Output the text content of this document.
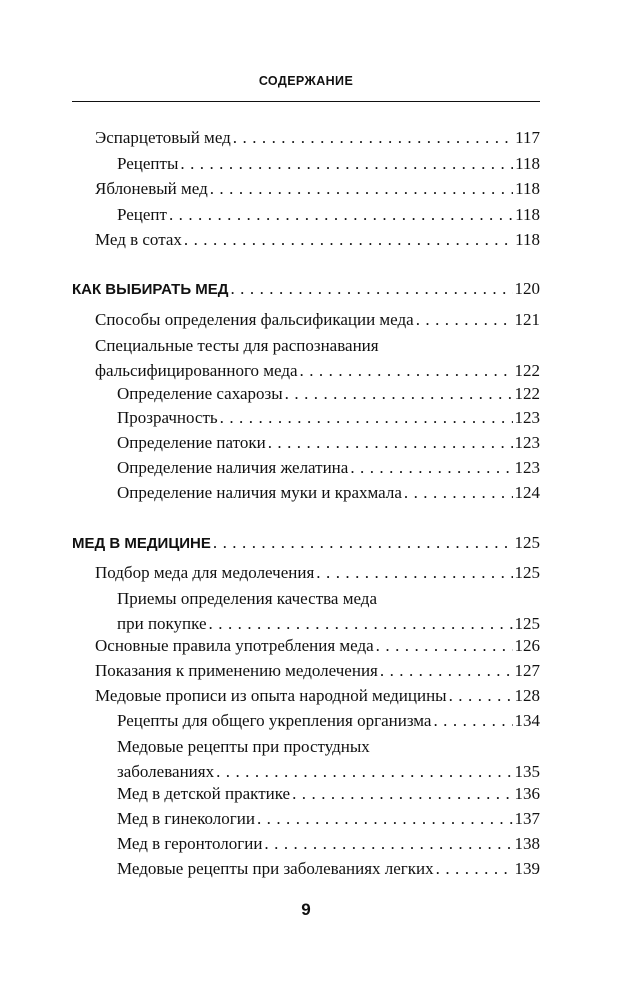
СОДЕРЖАНИЕ
Эспарцетовый мед . . .	117
Рецепты . . .	118
Яблоневый мед . . .	118
Рецепт . . .	118
Мед в сотах . . .	118
КАК ВЫБИРАТЬ МЕД . . .	120
Способы определения фальсификации меда . . .	121
Специальные тесты для распознавания
фальсифицированного меда . . .	122
Определение сахарозы . . .	122
Прозрачность . . .	123
Определение патоки . . .	123
Определение наличия желатина . . .	123
Определение наличия муки и крахмала . . .	124
МЕД В МЕДИЦИНЕ . . .	125
Подбор меда для медолечения . . .	125
Приемы определения качества меда
при покупке . . .	125
Основные правила употребления меда . . .	126
Показания к применению медолечения . . .	127
Медовые прописи из опыта народной медицины . . .	128
Рецепты для общего укрепления организма . . .	134
Медовые рецепты при простудных
заболеваниях . . .	135
Мед в детской практике . . .	136
Мед в гинекологии . . .	137
Мед в геронтологии . . .	138
Медовые рецепты при заболеваниях легких . . .	139
9
